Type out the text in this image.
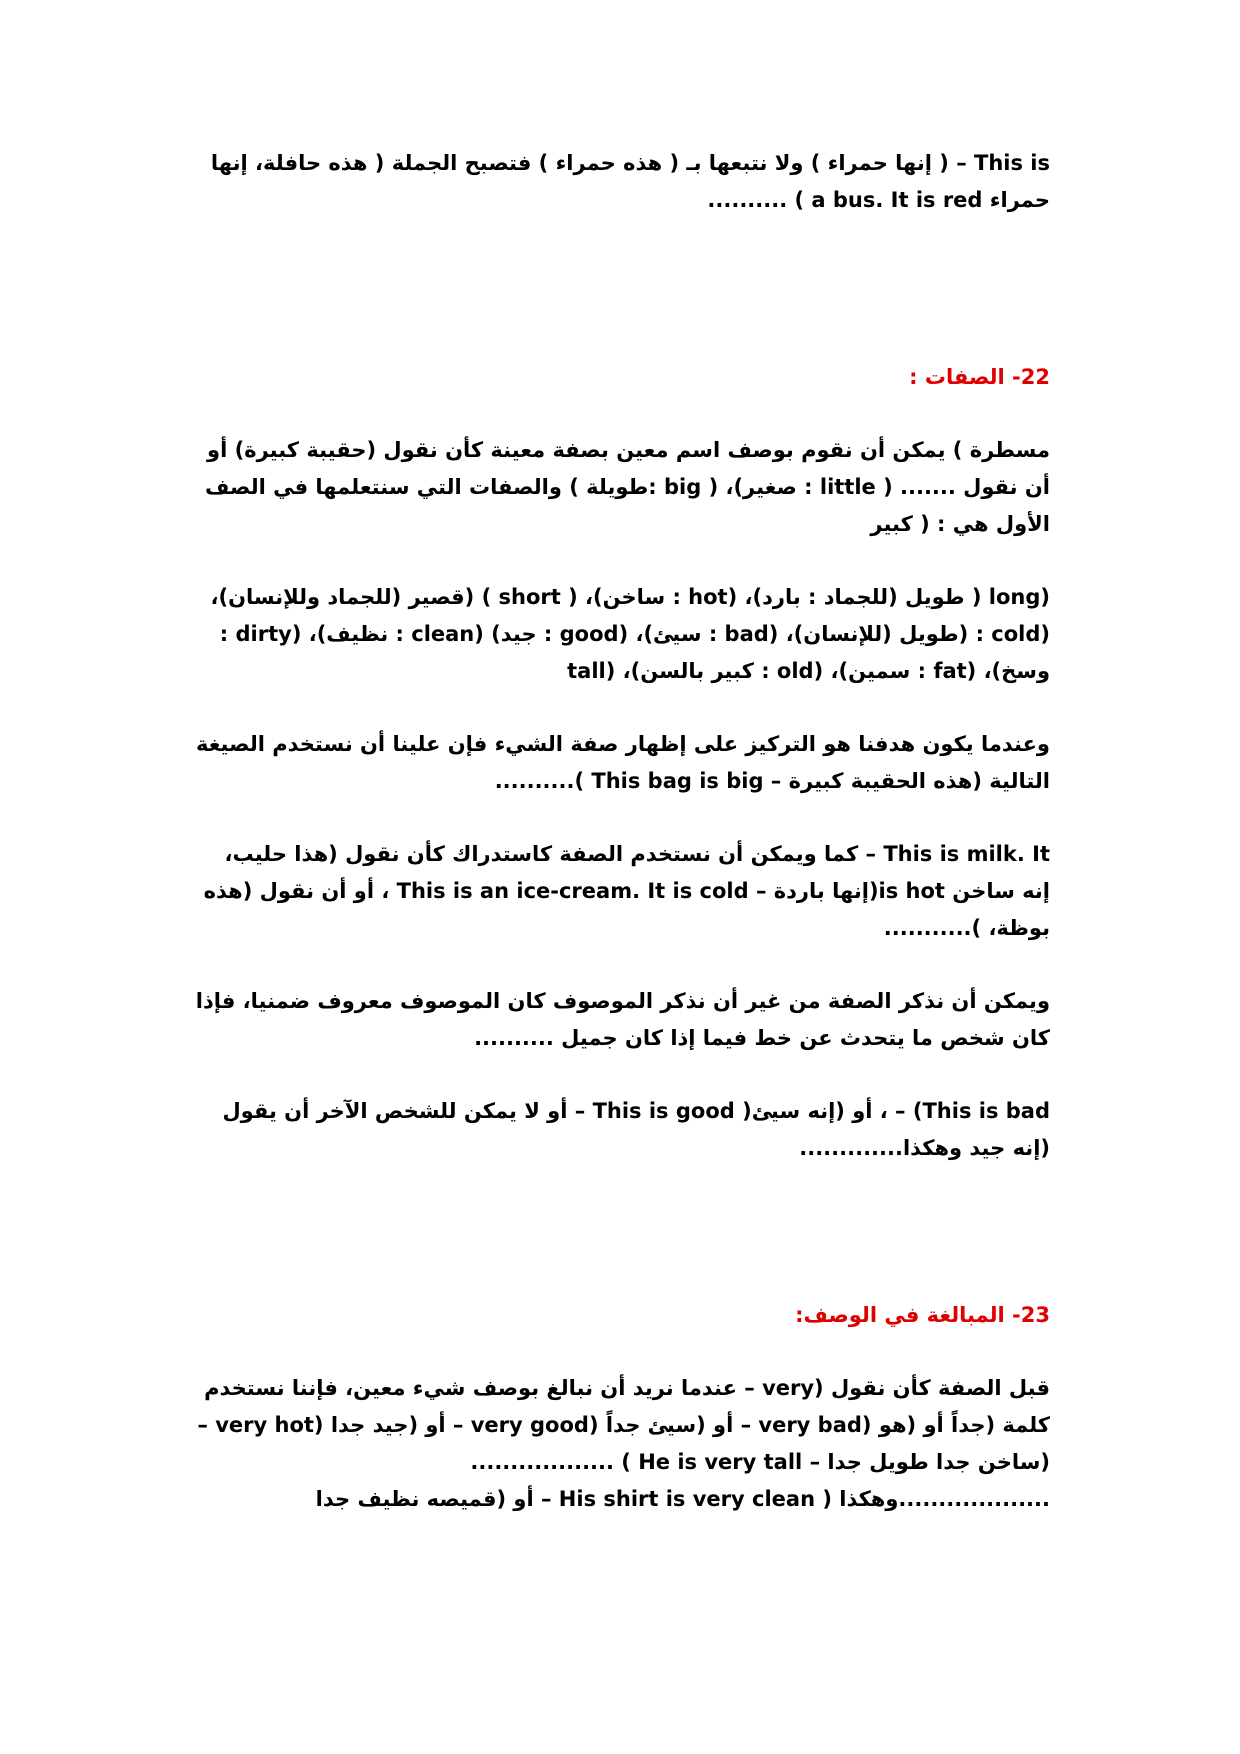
This is – ( إنها حمراء ) ولا نتبعها بـ ( هذه حمراء ) فتصبح الجملة ( هذه حافلة، إنها حمراء a bus. It is red ) ..........

22- الصفات :

مسطرة ) يمكن أن نقوم بوصف اسم معين بصفة معينة كأن نقول (حقيبة كبيرة) أو أن نقول ....... ( little : صغير)، ( big :طويلة ) والصفات التي سنتعلمها في الصف الأول هي : ( كبير

(long ( طويل (للجماد : بارد)، (hot : ساخن)، ( short ) (قصير (للجماد وللإنسان)، (cold : (طويل (للإنسان)، (bad : سيئ)، (good : جيد) (clean : نظيف)، (dirty : وسخ)، (fat : سمين)، (old : كبير بالسن)، (tall

وعندما يكون هدفنا هو التركيز على إظهار صفة الشيء فإن علينا أن نستخدم الصيغة التالية (هذه الحقيبة كبيرة – This bag is big )..........

This is milk. It – كما ويمكن أن نستخدم الصفة كاستدراك كأن نقول (هذا حليب، إنه ساخن is hot(إنها باردة – This is an ice-cream. It is cold ، أو أن نقول (هذه بوظة، )...........

ويمكن أن نذكر الصفة من غير أن نذكر الموصوف كان الموصوف معروف ضمنيا، فإذا كان شخص ما يتحدث عن خط فيما إذا كان جميل ..........

This is bad) – ، أو (إنه سيئ( This is good – أو لا يمكن للشخص الآخر أن يقول (إنه جيد وهكذا.............

23- المبالغة في الوصف:

قبل الصفة كأن نقول (very – عندما نريد أن نبالغ بوصف شيء معين، فإننا نستخدم كلمة (جداً أو (هو (very bad – أو (سيئ جداً (very good – أو (جيد جدا (very hot – (ساخن جدا طويل جدا – He is very tall ) ..................

...................وهكذا ( His shirt is very clean – أو (قميصه نظيف جدا
